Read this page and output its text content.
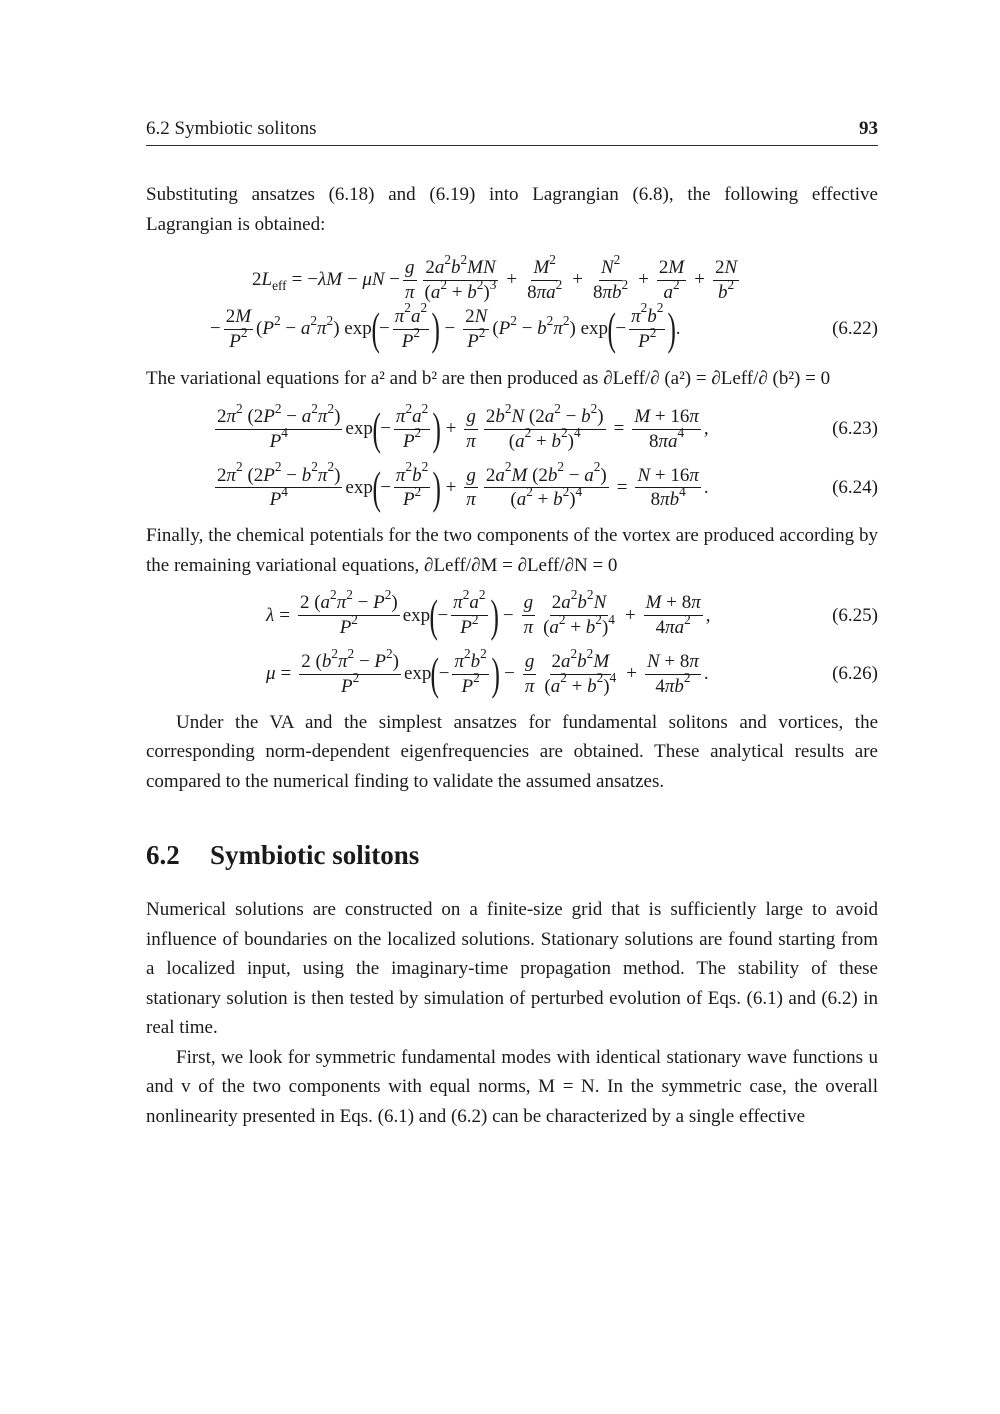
6.2 Symbiotic solitons	93

Substituting ansatzes (6.18) and (6.19) into Lagrangian (6.8), the following effective Lagrangian is obtained:

$2L_{eff} = -\lambda M - \mu N - \frac{g}{\pi} \frac{2a^2b^2MN}{(a^2 + b^2)^3} + \frac{M^2}{8\pi a^2} + \frac{N^2}{8\pi b^2} + \frac{2M}{a^2} + \frac{2N}{b^2}$
− $\frac{2M}{P^2} (P^2 - a^2\pi^2)$ exp ( − $\frac{\pi^2a^2}{P^2}$ ) − $\frac{2N}{P^2} (P^2 - b^2\pi^2)$ exp ( − $\frac{\pi^2b^2}{P^2}$ ) .	(6.22)

The variational equations for a² and b² are then produced as ∂Leff/∂ (a²) = ∂Leff/∂ (b²) = 0

$\frac{2\pi^2 (2P^2 - a^2\pi^2)}{P^4}$ exp ( − $\frac{\pi^2a^2}{P^2}$ ) + $\frac{g}{\pi} \frac{2b^2N (2a^2 - b^2)}{(a^2 + b^2)^4} = \frac{M + 16\pi}{8\pi a^4}$ ,	(6.23)
$\frac{2\pi^2 (2P^2 - b^2\pi^2)}{P^4}$ exp ( − $\frac{\pi^2b^2}{P^2}$ ) + $\frac{g}{\pi} \frac{2a^2M (2b^2 - a^2)}{(a^2 + b^2)^4} = \frac{N + 16\pi}{8\pi b^4}$ .	(6.24)

Finally, the chemical potentials for the two components of the vortex are produced according by the remaining variational equations, ∂Leff/∂M = ∂Leff/∂N = 0

$\lambda = \frac{2 (a^2\pi^2 - P^2)}{P^2}$ exp ( − $\frac{\pi^2a^2}{P^2}$ ) − $\frac{g}{\pi} \frac{2a^2b^2N}{(a^2 + b^2)^4} + \frac{M + 8\pi}{4\pi a^2}$ ,	(6.25)
$\mu = \frac{2 (b^2\pi^2 - P^2)}{P^2}$ exp ( − $\frac{\pi^2b^2}{P^2}$ ) − $\frac{g}{\pi} \frac{2a^2b^2M}{(a^2 + b^2)^4} + \frac{N + 8\pi}{4\pi b^2}$ .	(6.26)

Under the VA and the simplest ansatzes for fundamental solitons and vortices, the corresponding norm-dependent eigenfrequencies are obtained. These analytical results are compared to the numerical finding to validate the assumed ansatzes.

6.2	Symbiotic solitons

Numerical solutions are constructed on a finite-size grid that is sufficiently large to avoid influence of boundaries on the localized solutions. Stationary solutions are found starting from a localized input, using the imaginary-time propagation method. The stability of these stationary solution is then tested by simulation of perturbed evolution of Eqs. (6.1) and (6.2) in real time.

First, we look for symmetric fundamental modes with identical stationary wave functions u and v of the two components with equal norms, M = N. In the symmetric case, the overall nonlinearity presented in Eqs. (6.1) and (6.2) can be characterized by a single effective
